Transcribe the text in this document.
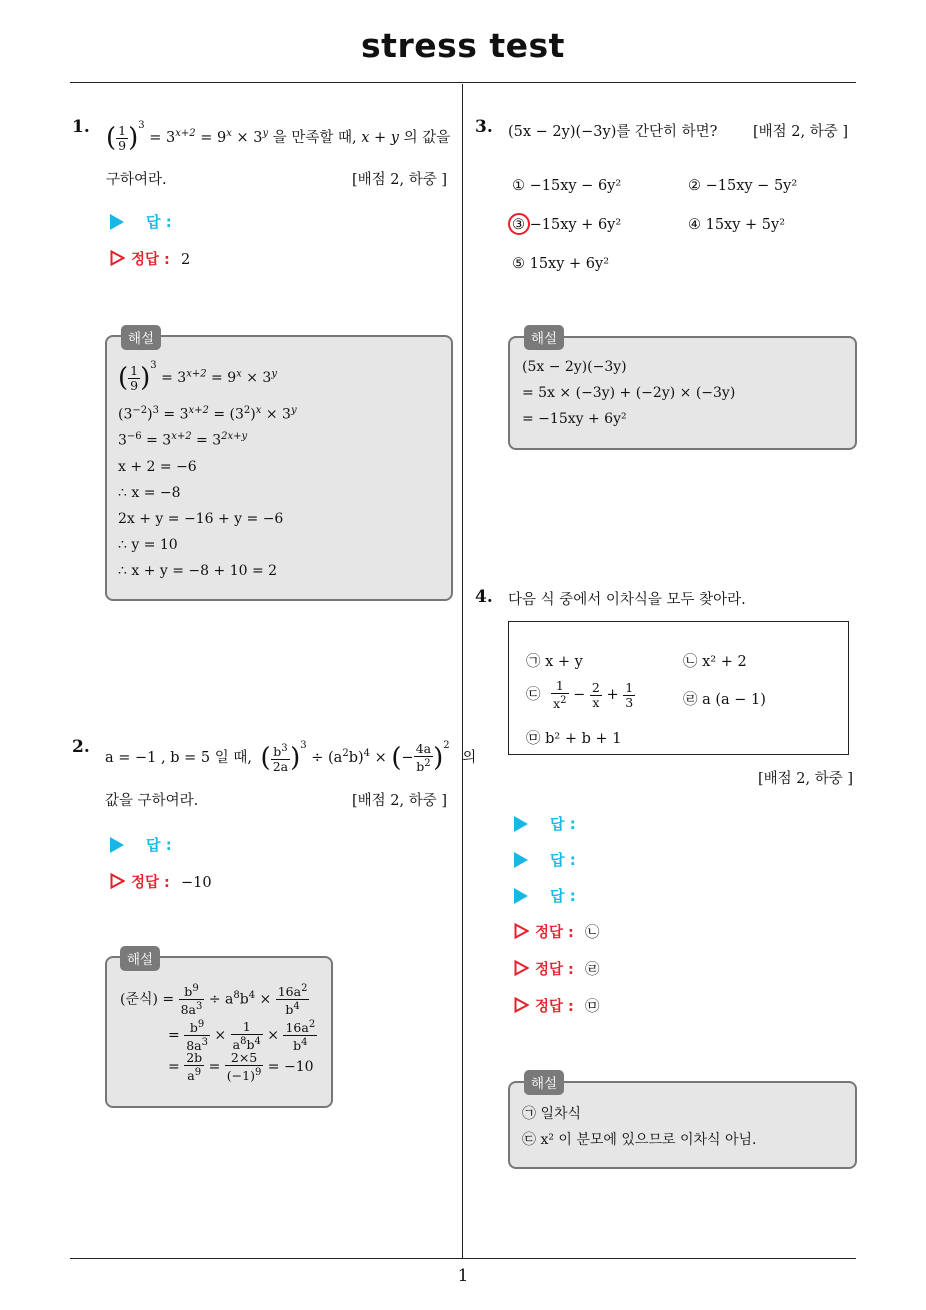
stress test
1. ( $\frac{1}{9} )^3 = 3^{x+2} = 9^x \times 3^y$ 을 만족할 때, x + y 의 값을
구하여라.	[배점 2, 하중 ]
답 :
정답 : 2
해설
( $\frac{1}{9} )^3 = 3^{x+2} = 9^x \times 3^y$
$(3^{-2})^3 = 3^{x+2} = (3^2)^x \times 3^y$
$3^{-6} = 3^{x+2} = 3^{2x+y}$
x + 2 = −6
∴ x = −8
2x + y = −16 + y = −6
∴ y = 10
∴ x + y = −8 + 10 = 2
2.
a = −1 , b = 5 일 때, ( $\frac{b^3}{2a} )^3 \div (a^2b)^4$ × (− $\frac{4a}{b^2} )^2$ 의
값을 구하여라.	[배점 2, 하중 ]
답 :
정답 : −10
해설
(준식) = $\frac{b^9}{8a^3} \div a^8b^4 \times \frac{16a^2}{b^4}$
= $\frac{b^9}{8a^3} \times \frac{1}{a^8b^4} \times \frac{16a^2}{b^4}$
= $\frac{2b}{a^9} = \frac{2\times 5}{(-1)^9} = -10$
3. (5x − 2y)(−3y)를 간단히 하면? [배점 2, 하중 ]
① −15xy − 6y²	② −15xy − 5y²
③ −15xy + 6y²	④ 15xy + 5y²
⑤ 15xy + 6y²
해설
(5x − 2y)(−3y)
= 5x × (−3y) + (−2y) × (−3y)
= −15xy + 6y²
4. 다음 식 중에서 이차식을 모두 찾아라.
㉠ x + y	㉡ x² + 2
㉢ $\frac{1}{x^2} - \frac{2}{x} + \frac{1}{3}$	㉣ a (a − 1)
㉤ b² + b + 1
[배점 2, 하중 ]
답 :
답 :
답 :
정답 : ㉡
정답 : ㉣
정답 : ㉤
해설
㉠ 일차식
㉢ x² 이 분모에 있으므로 이차식 아님.
1
